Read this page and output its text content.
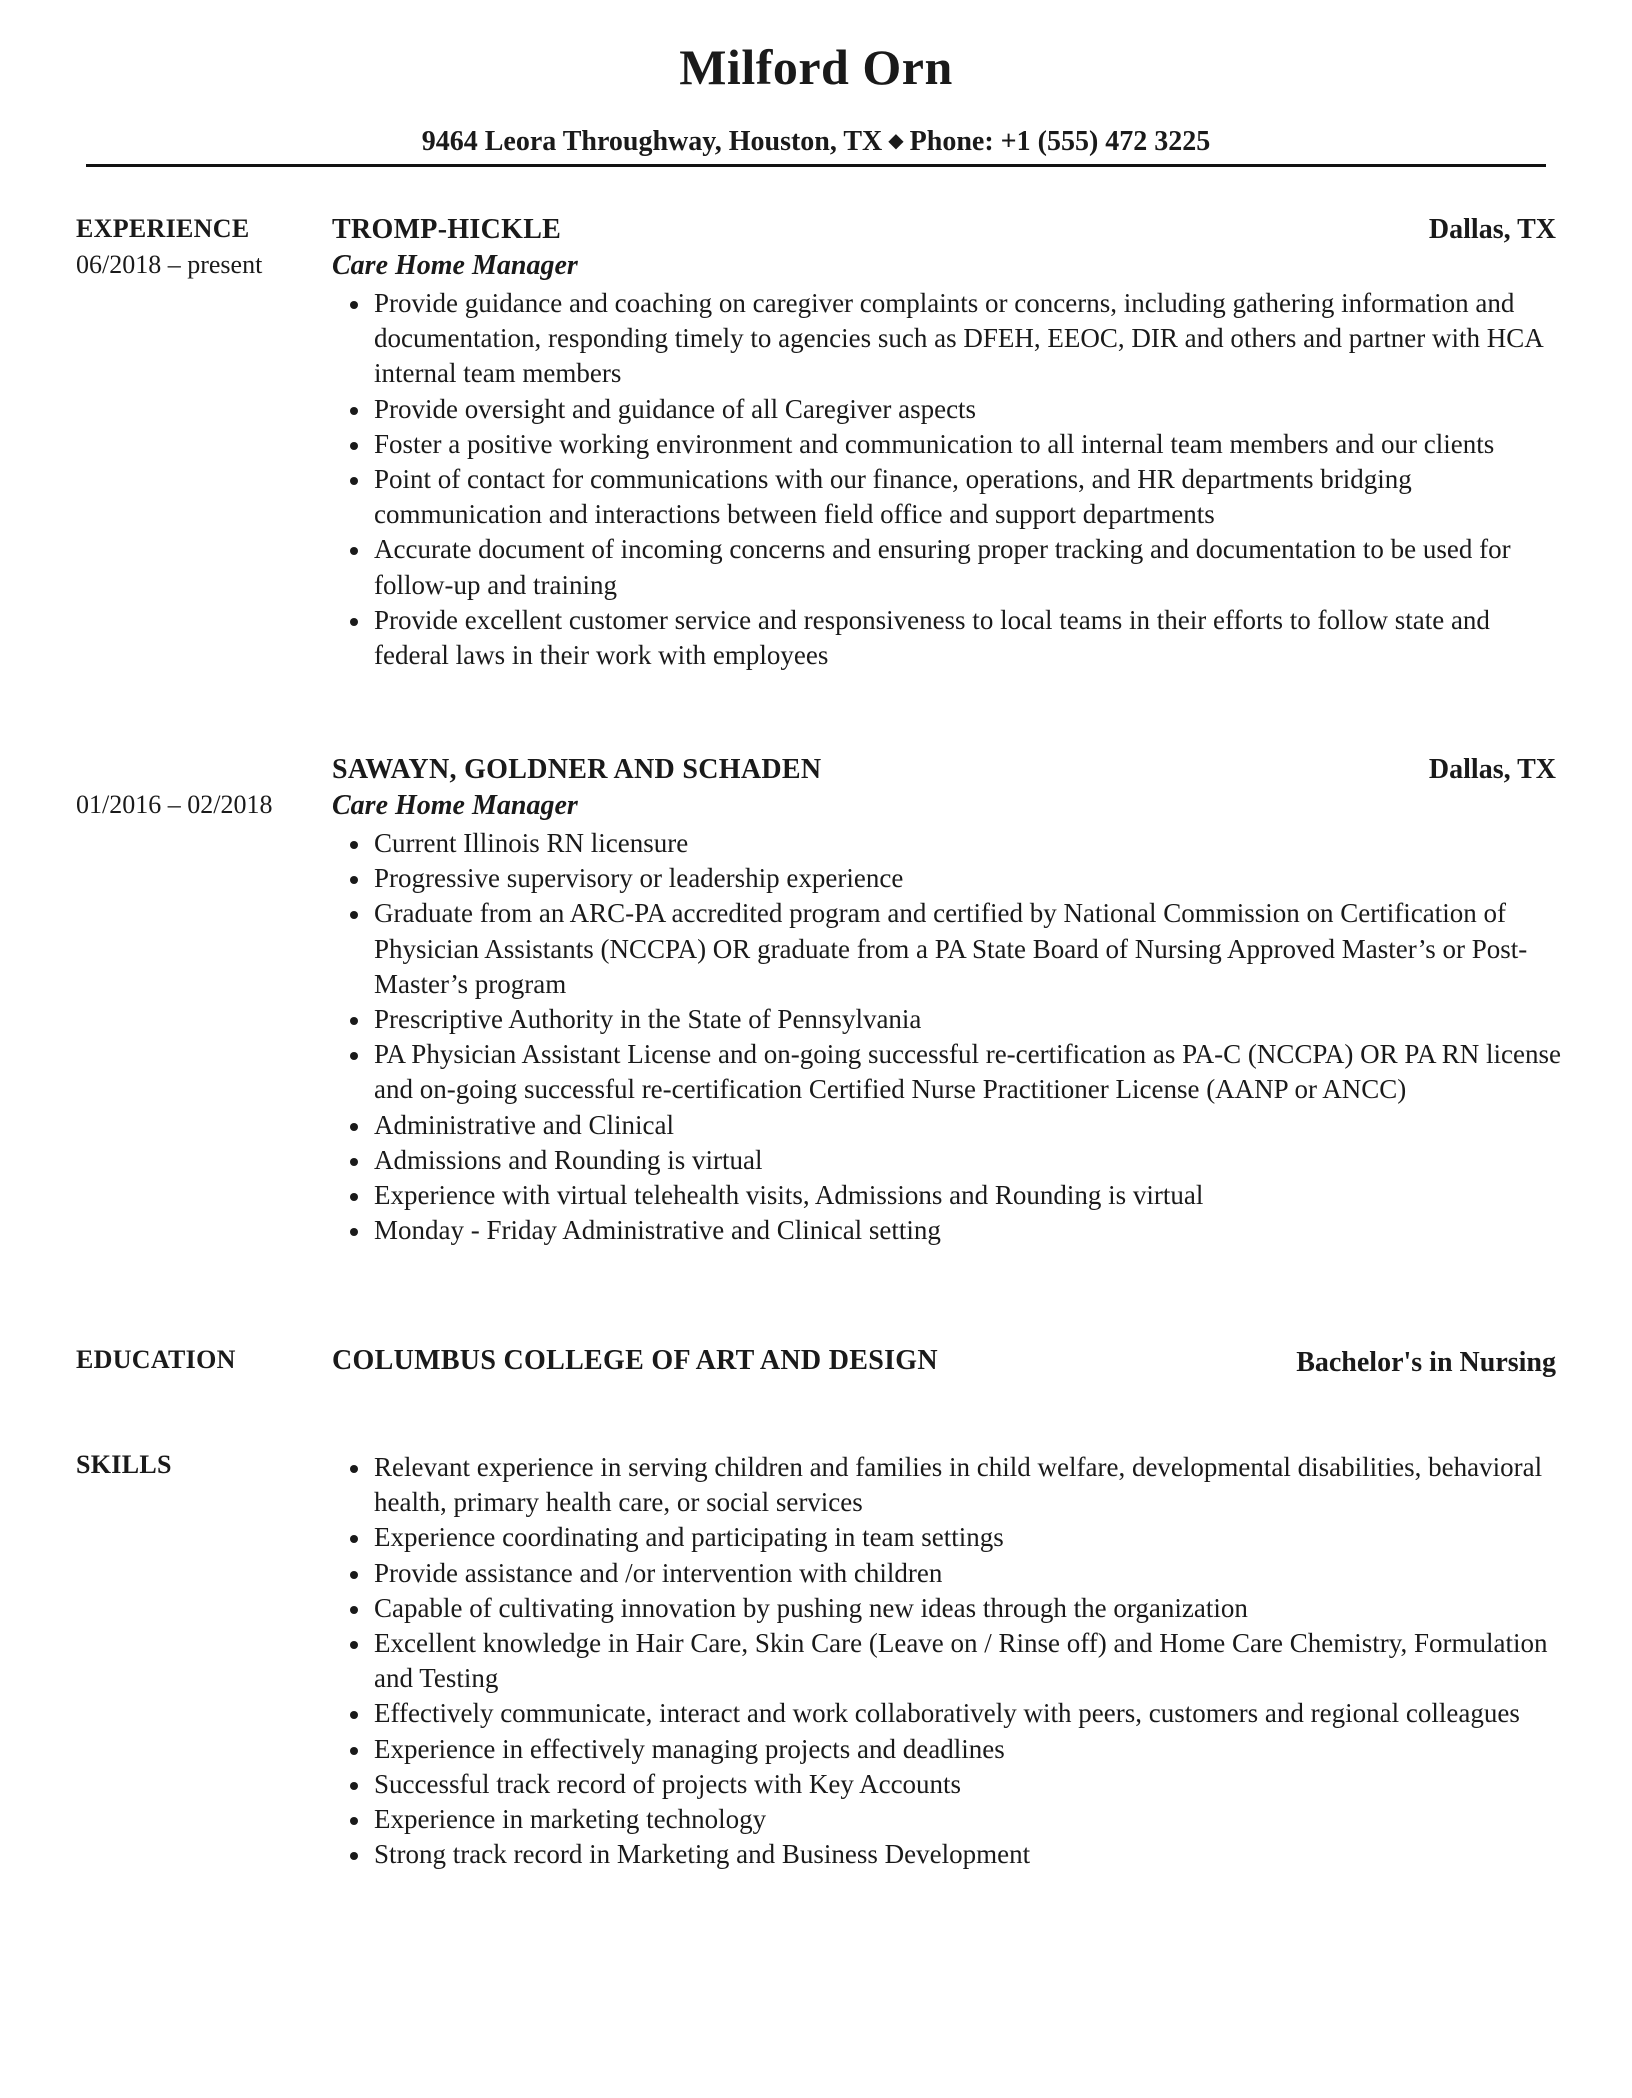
Milford Orn
9464 Leora Throughway, Houston, TX ◆ Phone: +1 (555) 472 3225
EXPERIENCE
06/2018 – present
TROMP-HICKLE	Dallas, TX
Care Home Manager
Provide guidance and coaching on caregiver complaints or concerns, including gathering information and documentation, responding timely to agencies such as DFEH, EEOC, DIR and others and partner with HCA internal team members
Provide oversight and guidance of all Caregiver aspects
Foster a positive working environment and communication to all internal team members and our clients
Point of contact for communications with our finance, operations, and HR departments bridging communication and interactions between field office and support departments
Accurate document of incoming concerns and ensuring proper tracking and documentation to be used for follow-up and training
Provide excellent customer service and responsiveness to local teams in their efforts to follow state and federal laws in their work with employees
01/2016 – 02/2018
SAWAYN, GOLDNER AND SCHADEN	Dallas, TX
Care Home Manager
Current Illinois RN licensure
Progressive supervisory or leadership experience
Graduate from an ARC-PA accredited program and certified by National Commission on Certification of Physician Assistants (NCCPA) OR graduate from a PA State Board of Nursing Approved Master’s or Post-Master’s program
Prescriptive Authority in the State of Pennsylvania
PA Physician Assistant License and on-going successful re-certification as PA-C (NCCPA) OR PA RN license and on-going successful re-certification Certified Nurse Practitioner License (AANP or ANCC)
Administrative and Clinical
Admissions and Rounding is virtual
Experience with virtual telehealth visits, Admissions and Rounding is virtual
Monday - Friday Administrative and Clinical setting
EDUCATION	COLUMBUS COLLEGE OF ART AND DESIGN	Bachelor's in Nursing
SKILLS	Relevant experience in serving children and families in child welfare, developmental disabilities, behavioral health, primary health care, or social services
Experience coordinating and participating in team settings
Provide assistance and /or intervention with children
Capable of cultivating innovation by pushing new ideas through the organization
Excellent knowledge in Hair Care, Skin Care (Leave on / Rinse off) and Home Care Chemistry, Formulation and Testing
Effectively communicate, interact and work collaboratively with peers, customers and regional colleagues
Experience in effectively managing projects and deadlines
Successful track record of projects with Key Accounts
Experience in marketing technology
Strong track record in Marketing and Business Development
